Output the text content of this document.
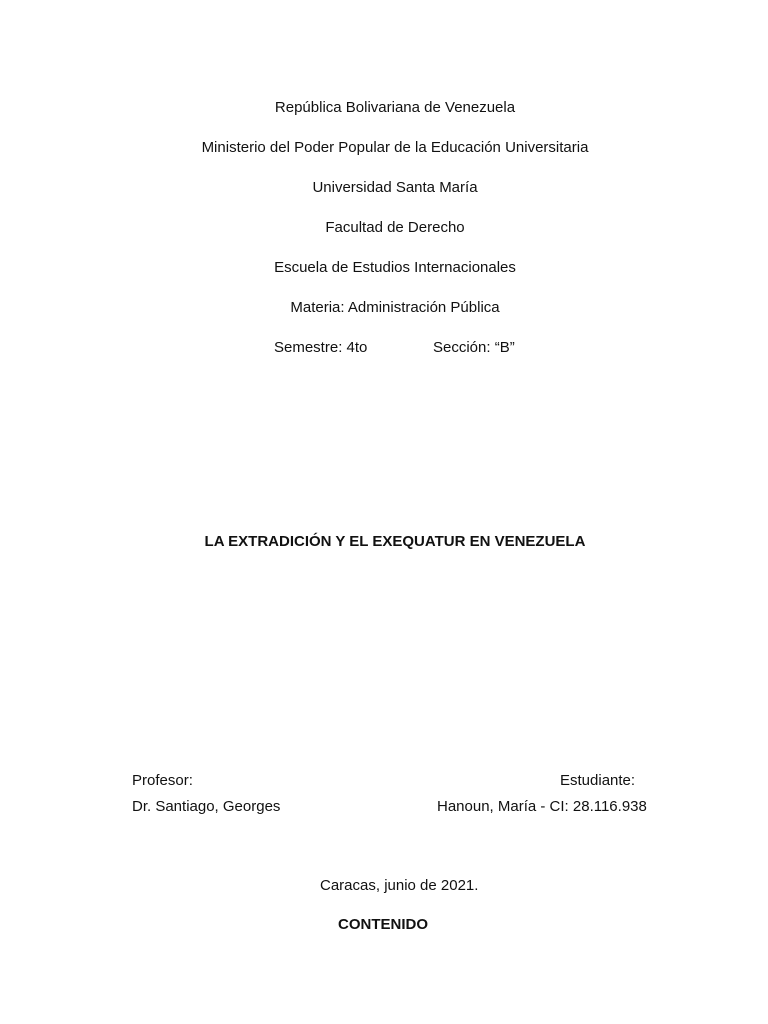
República Bolivariana de Venezuela
Ministerio del Poder Popular de la Educación Universitaria
Universidad Santa María
Facultad de Derecho
Escuela de Estudios Internacionales
Materia: Administración Pública
Semestre: 4to	Sección: “B”
LA EXTRADICIÓN Y EL EXEQUATUR EN VENEZUELA
Profesor:
Dr. Santiago, Georges
Estudiante:
Hanoun, María - CI: 28.116.938
Caracas, junio de 2021.
CONTENIDO
